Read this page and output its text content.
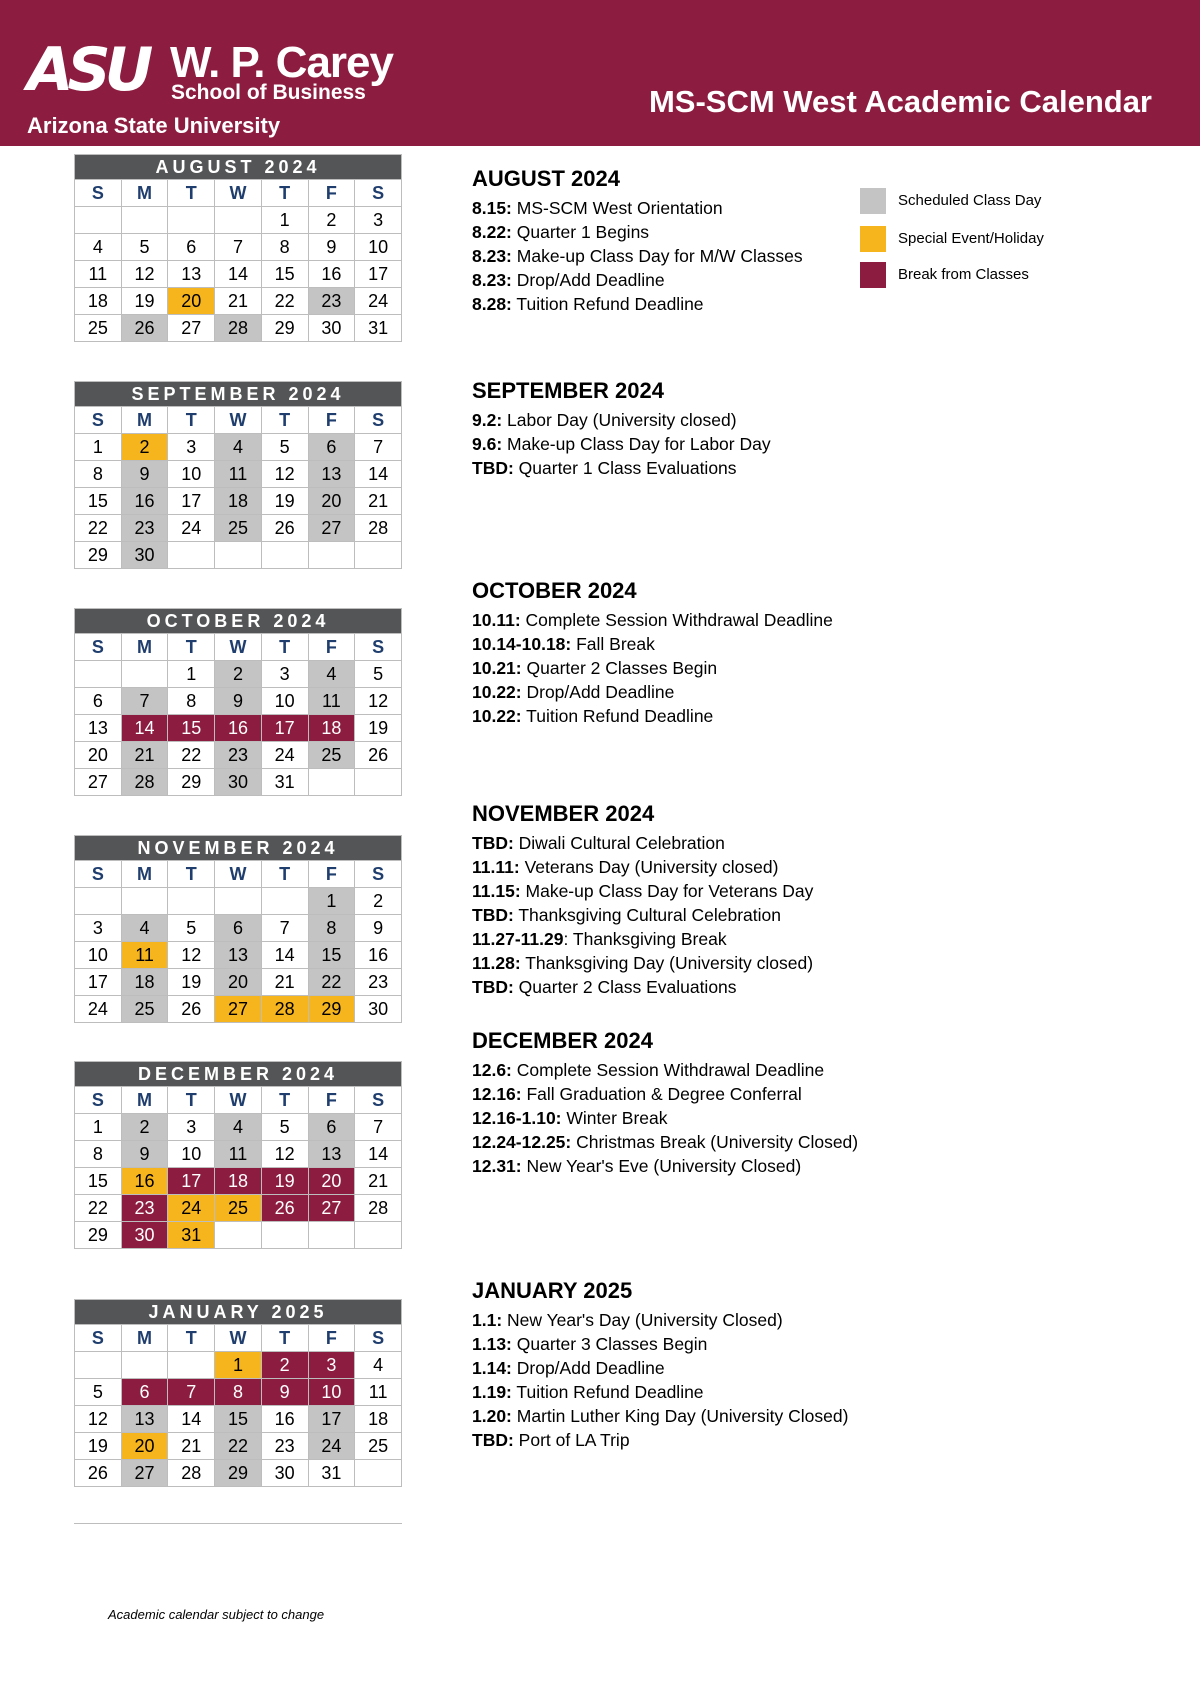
ASU W. P. Carey
School of Business
Arizona State University
MS-SCM West Academic Calendar
AUGUST 2024						
S	M	T	W	T	F	S
				1	2	3
4	5	6	7	8	9	10
11	12	13	14	15	16	17
18	19	20	21	22	23	24
25	26	27	28	29	30	31
SEPTEMBER 2024						
S	M	T	W	T	F	S
1	2	3	4	5	6	7
8	9	10	11	12	13	14
15	16	17	18	19	20	21
22	23	24	25	26	27	28
29	30					
OCTOBER 2024						
S	M	T	W	T	F	S
		1	2	3	4	5
6	7	8	9	10	11	12
13	14	15	16	17	18	19
20	21	22	23	24	25	26
27	28	29	30	31		
NOVEMBER 2024						
S	M	T	W	T	F	S
					1	2
3	4	5	6	7	8	9
10	11	12	13	14	15	16
17	18	19	20	21	22	23
24	25	26	27	28	29	30
DECEMBER 2024						
S	M	T	W	T	F	S
1	2	3	4	5	6	7
8	9	10	11	12	13	14
15	16	17	18	19	20	21
22	23	24	25	26	27	28
29	30	31				
JANUARY 2025						
S	M	T	W	T	F	S
			1	2	3	4
5	6	7	8	9	10	11
12	13	14	15	16	17	18
19	20	21	22	23	24	25
26	27	28	29	30	31	
AUGUST 2024
8.15: MS-SCM West Orientation
8.22: Quarter 1 Begins
8.23: Make-up Class Day for M/W Classes
8.23: Drop/Add Deadline
8.28: Tuition Refund Deadline
SEPTEMBER 2024
9.2: Labor Day (University closed)
9.6: Make-up Class Day for Labor Day
TBD: Quarter 1 Class Evaluations
OCTOBER 2024
10.11: Complete Session Withdrawal Deadline
10.14-10.18: Fall Break
10.21: Quarter 2 Classes Begin
10.22: Drop/Add Deadline
10.22: Tuition Refund Deadline
NOVEMBER 2024
TBD: Diwali Cultural Celebration
11.11: Veterans Day (University closed)
11.15: Make-up Class Day for Veterans Day
TBD: Thanksgiving Cultural Celebration
11.27-11.29: Thanksgiving Break
11.28: Thanksgiving Day (University closed)
TBD: Quarter 2 Class Evaluations
DECEMBER 2024
12.6: Complete Session Withdrawal Deadline
12.16: Fall Graduation & Degree Conferral
12.16-1.10: Winter Break
12.24-12.25: Christmas Break (University Closed)
12.31: New Year's Eve (University Closed)
JANUARY 2025
1.1: New Year's Day (University Closed)
1.13: Quarter 3 Classes Begin
1.14: Drop/Add Deadline
1.19: Tuition Refund Deadline
1.20: Martin Luther King Day (University Closed)
TBD: Port of LA Trip
Scheduled Class Day
Special Event/Holiday
Break from Classes
Academic calendar subject to change
